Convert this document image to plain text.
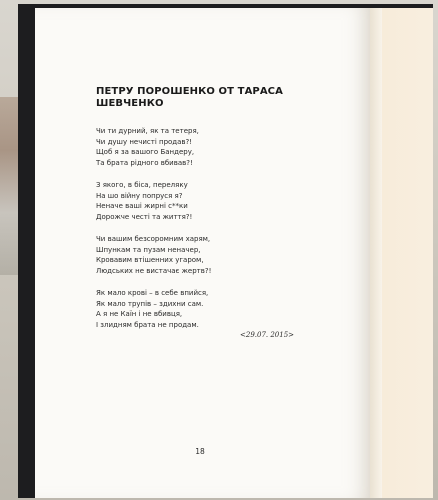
ПЕТРУ ПОРОШЕНКО ОТ ТАРАСА
ШЕВЧЕНКО
Чи ти дурний, як та тетеря,
Чи душу нечисті продав?!
Щоб я за вашого Бандеру,
Та брата рідного вбивав?!
З якого, в біса, переляку
На шо війну попруся я?
Неначе ваші жирні с**ки
Дорожче честі та життя?!
Чи вашим безсоромним харям,
Шпункам та пузам неначер,
Кровавим втішенних угаром,
Людських не вистачає жертв?!
Як мало крові – в себе впийся,
Як мало трупів – здихни сам.
А я не Каїн і не вбивця,
І злидням брата не продам.
<29.07. 2015>
18
